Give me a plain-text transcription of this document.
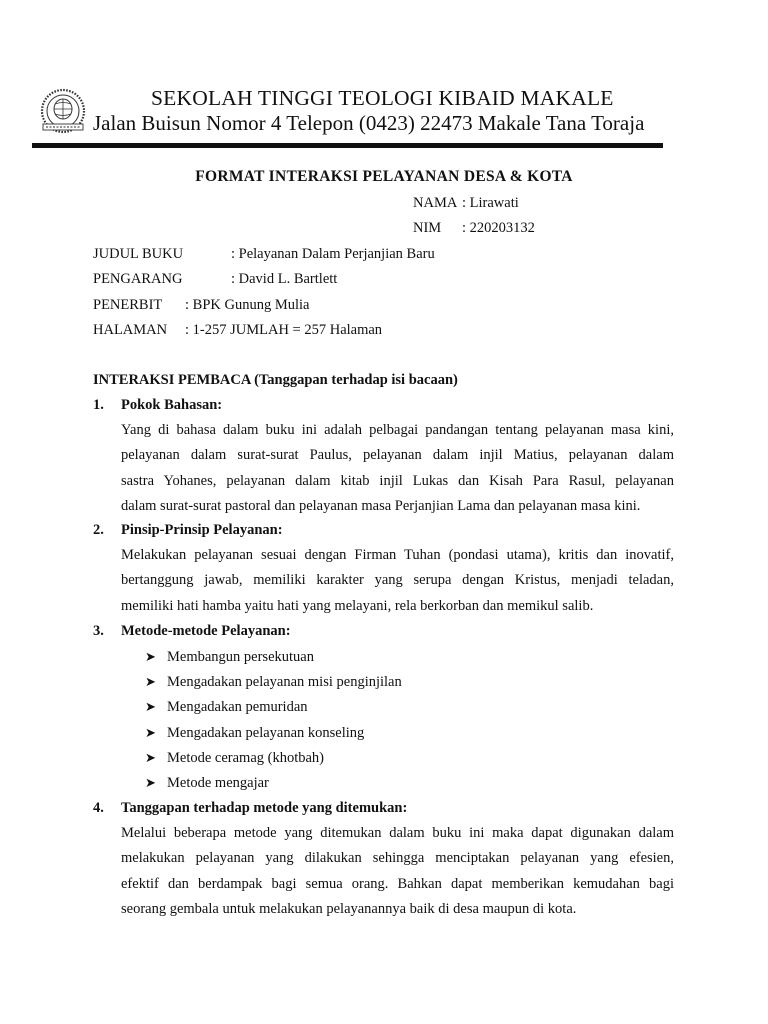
SEKOLAH TINGGI TEOLOGI KIBAID MAKALE
Jalan Buisun Nomor 4 Telepon (0423) 22473 Makale Tana Toraja
FORMAT INTERAKSI PELAYANAN DESA & KOTA
NAMA : Lirawati
NIM : 220203132
JUDUL BUKU	: Pelayanan Dalam Perjanjian Baru
PENGARANG	: David L. Bartlett
PENERBIT : BPK Gunung Mulia
HALAMAN : 1-257 JUMLAH = 257 Halaman
INTERAKSI PEMBACA (Tanggapan terhadap isi bacaan)
1. Pokok Bahasan:
Yang di bahasa dalam buku ini adalah pelbagai pandangan tentang pelayanan masa kini,
pelayanan dalam surat-surat Paulus, pelayanan dalam injil Matius, pelayanan dalam
sastra Yohanes, pelayanan dalam kitab injil Lukas dan Kisah Para Rasul, pelayanan
dalam surat-surat pastoral dan pelayanan masa Perjanjian Lama dan pelayanan masa kini.
2. Pinsip-Prinsip Pelayanan:
Melakukan pelayanan sesuai dengan Firman Tuhan (pondasi utama), kritis dan inovatif,
bertanggung jawab, memiliki karakter yang serupa dengan Kristus, menjadi teladan,
memiliki hati hamba yaitu hati yang melayani, rela berkorban dan memikul salib.
3. Metode-metode Pelayanan:
➤ Membangun persekutuan
➤ Mengadakan pelayanan misi penginjilan
➤ Mengadakan pemuridan
➤ Mengadakan pelayanan konseling
➤ Metode ceramag (khotbah)
➤ Metode mengajar
4. Tanggapan terhadap metode yang ditemukan:
Melalui beberapa metode yang ditemukan dalam buku ini maka dapat digunakan dalam
melakukan pelayanan yang dilakukan sehingga menciptakan pelayanan yang efesien,
efektif dan berdampak bagi semua orang. Bahkan dapat memberikan kemudahan bagi
seorang gembala untuk melakukan pelayanannya baik di desa maupun di kota.
